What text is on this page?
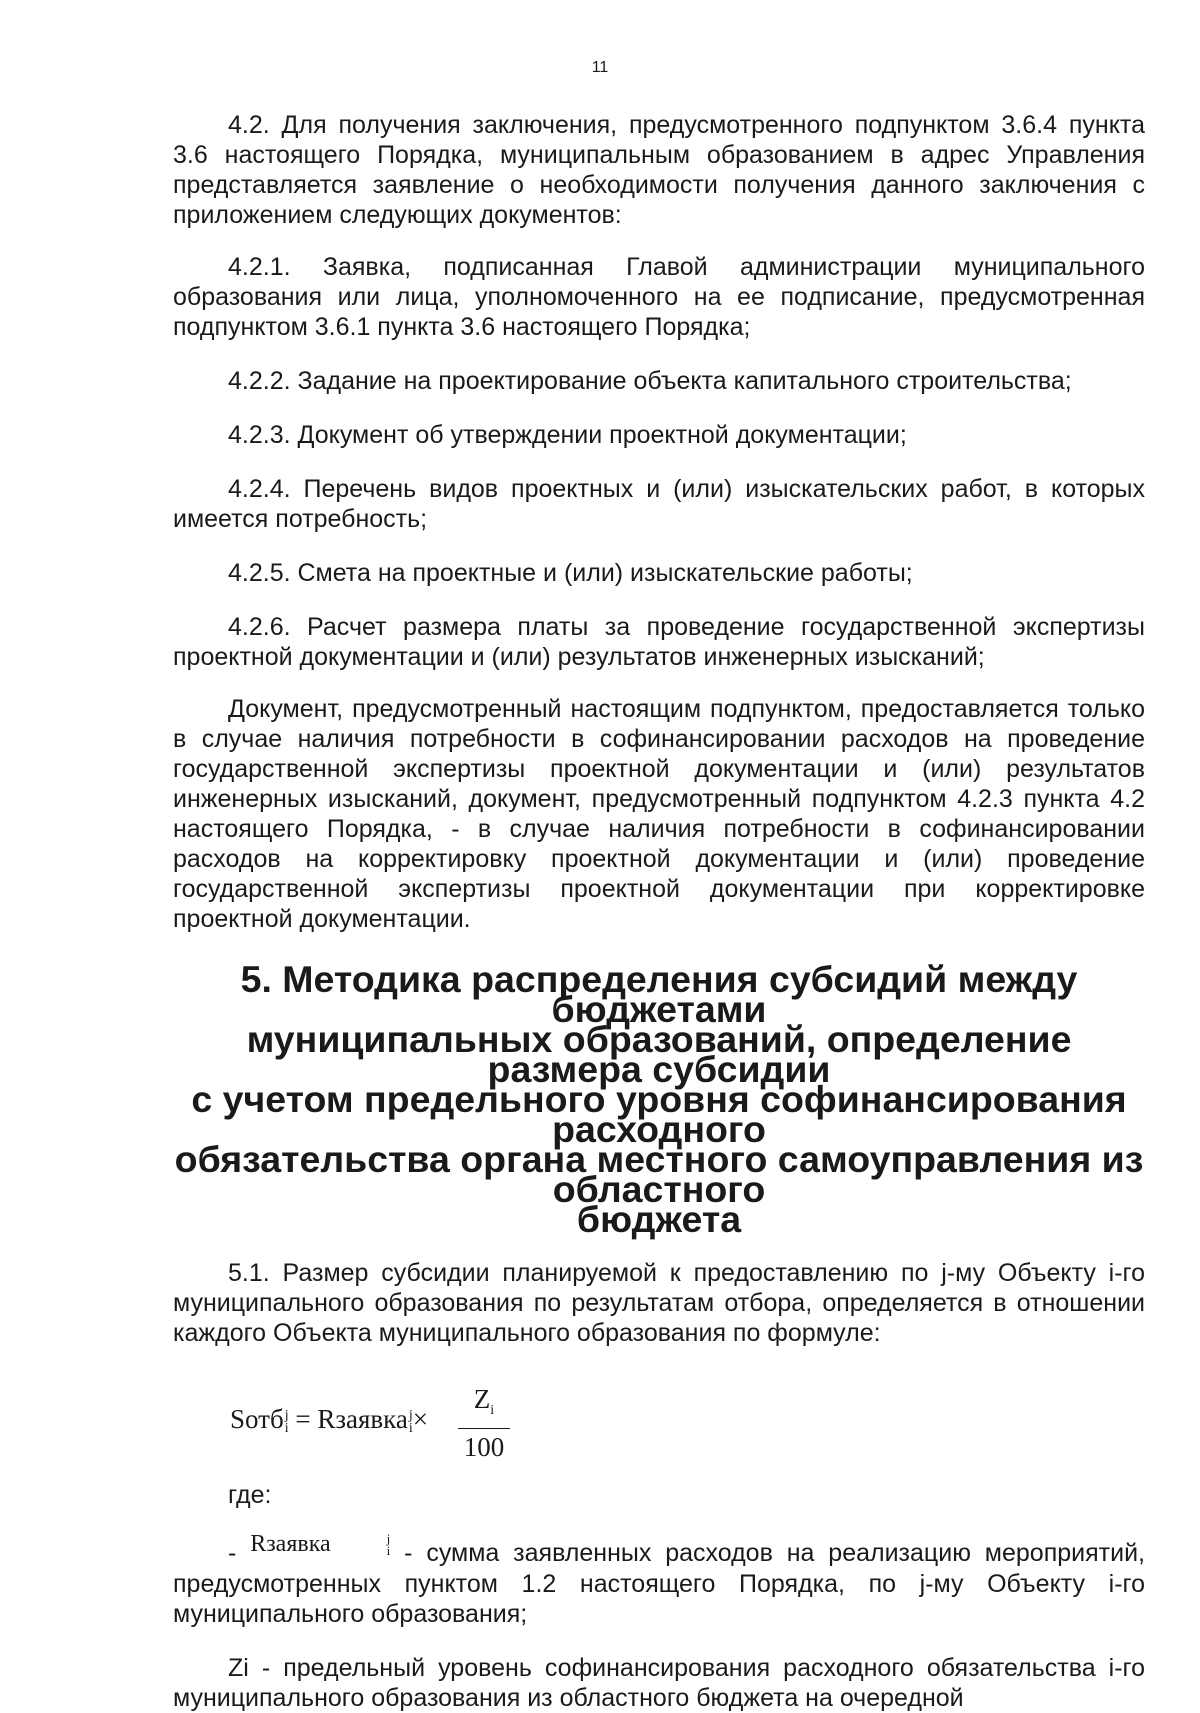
11

4.2. Для получения заключения, предусмотренного подпунктом 3.6.4 пункта 3.6 настоящего Порядка, муниципальным образованием в адрес Управления представляется заявление о необходимости получения данного заключения с приложением следующих документов:

4.2.1. Заявка, подписанная Главой администрации муниципального образования или лица, уполномоченного на ее подписание, предусмотренная подпунктом 3.6.1 пункта 3.6 настоящего Порядка;

4.2.2. Задание на проектирование объекта капитального строительства;

4.2.3. Документ об утверждении проектной документации;

4.2.4. Перечень видов проектных и (или) изыскательских работ, в которых имеется потребность;

4.2.5. Смета на проектные и (или) изыскательские работы;

4.2.6. Расчет размера платы за проведение государственной экспертизы проектной документации и (или) результатов инженерных изысканий;

Документ, предусмотренный настоящим подпунктом, предоставляется только в случае наличия потребности в софинансировании расходов на проведение государственной экспертизы проектной документации и (или) результатов инженерных изысканий, документ, предусмотренный подпунктом 4.2.3 пункта 4.2 настоящего Порядка, - в случае наличия потребности в софинансировании расходов на корректировку проектной документации и (или) проведение государственной экспертизы проектной документации при корректировке проектной документации.

5. Методика распределения субсидий между бюджетами
муниципальных образований, определение размера субсидии
с учетом предельного уровня софинансирования расходного
обязательства органа местного самоуправления из областного
бюджета

5.1. Размер субсидии планируемой к предоставлению по j-му Объекту i-го муниципального образования по результатам отбора, определяется в отношении каждого Объекта муниципального образования по формуле:

Sотб j
i = Rзаявка j
$i \times \frac{Z_i}{100}$

где:

- Rзаявка	j
i - сумма заявленных расходов на реализацию мероприятий, предусмотренных пунктом 1.2 настоящего Порядка, по j-му Объекту i-го муниципального образования;

Zi - предельный уровень софинансирования расходного обязательства i-го муниципального образования из областного бюджета на очередной
